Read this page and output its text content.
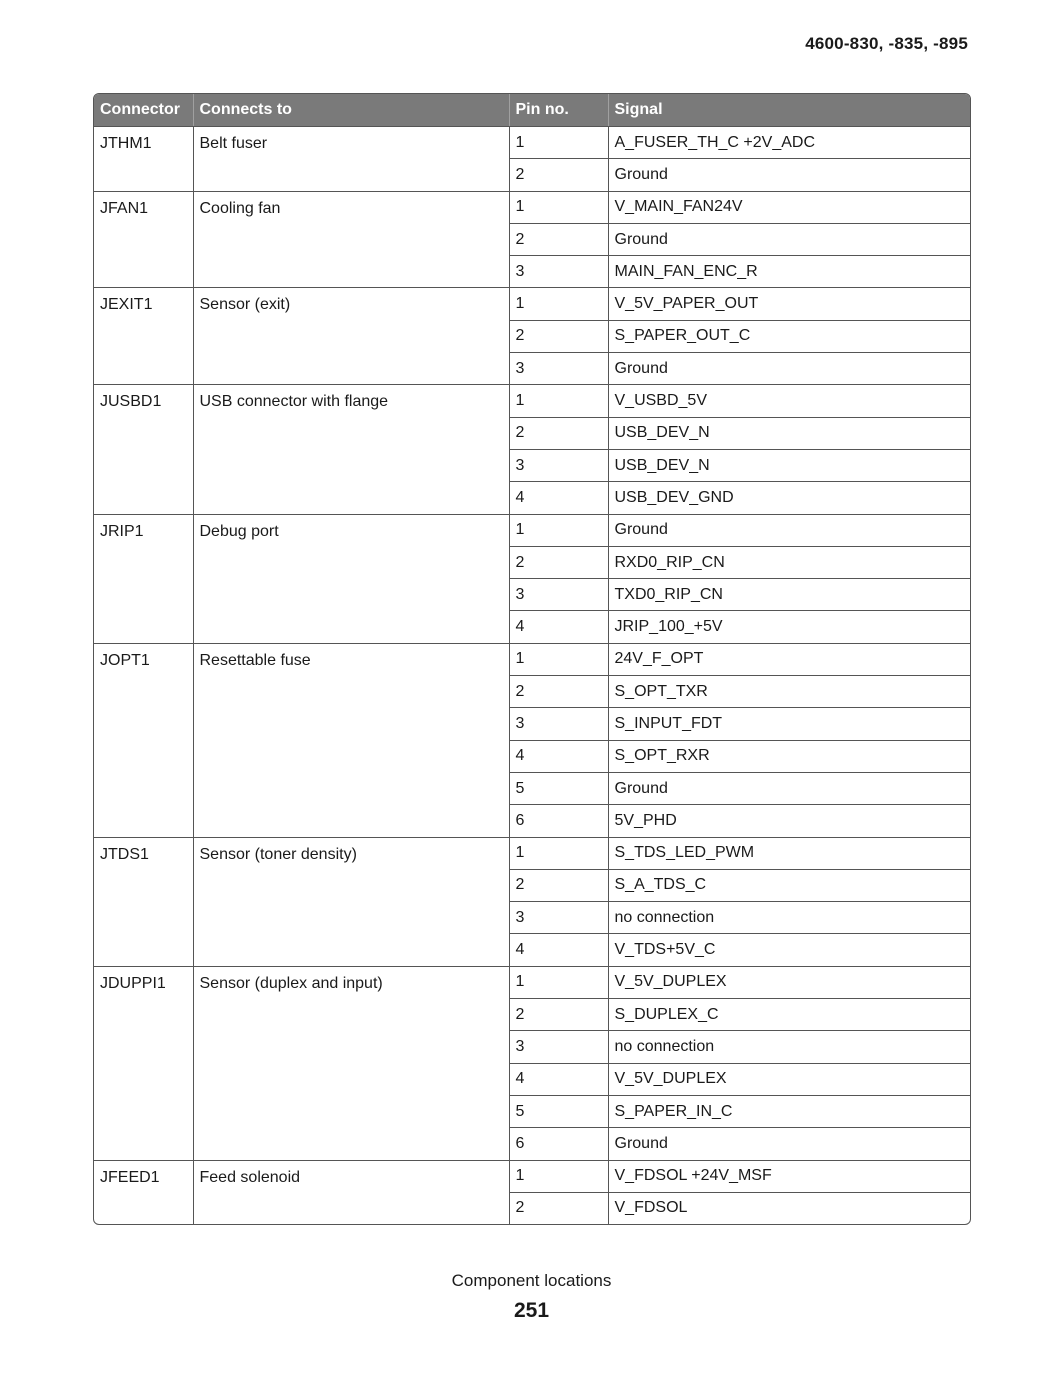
4600-830, -835, -895
Connector	Connects to	Pin no.	Signal
JTHM1	Belt fuser	1	A_FUSER_TH_C +2V_ADC
		2	Ground
JFAN1	Cooling fan	1	V_MAIN_FAN24V
		2	Ground
		3	MAIN_FAN_ENC_R
JEXIT1	Sensor (exit)	1	V_5V_PAPER_OUT
		2	S_PAPER_OUT_C
		3	Ground
JUSBD1	USB connector with flange	1	V_USBD_5V
		2	USB_DEV_N
		3	USB_DEV_N
		4	USB_DEV_GND
JRIP1	Debug port	1	Ground
		2	RXD0_RIP_CN
		3	TXD0_RIP_CN
		4	JRIP_100_+5V
JOPT1	Resettable fuse	1	24V_F_OPT
		2	S_OPT_TXR
		3	S_INPUT_FDT
		4	S_OPT_RXR
		5	Ground
		6	5V_PHD
JTDS1	Sensor (toner density)	1	S_TDS_LED_PWM
		2	S_A_TDS_C
		3	no connection
		4	V_TDS+5V_C
JDUPPI1	Sensor (duplex and input)	1	V_5V_DUPLEX
		2	S_DUPLEX_C
		3	no connection
		4	V_5V_DUPLEX
		5	S_PAPER_IN_C
		6	Ground
JFEED1	Feed solenoid	1	V_FDSOL +24V_MSF
		2	V_FDSOL
Component locations
251
